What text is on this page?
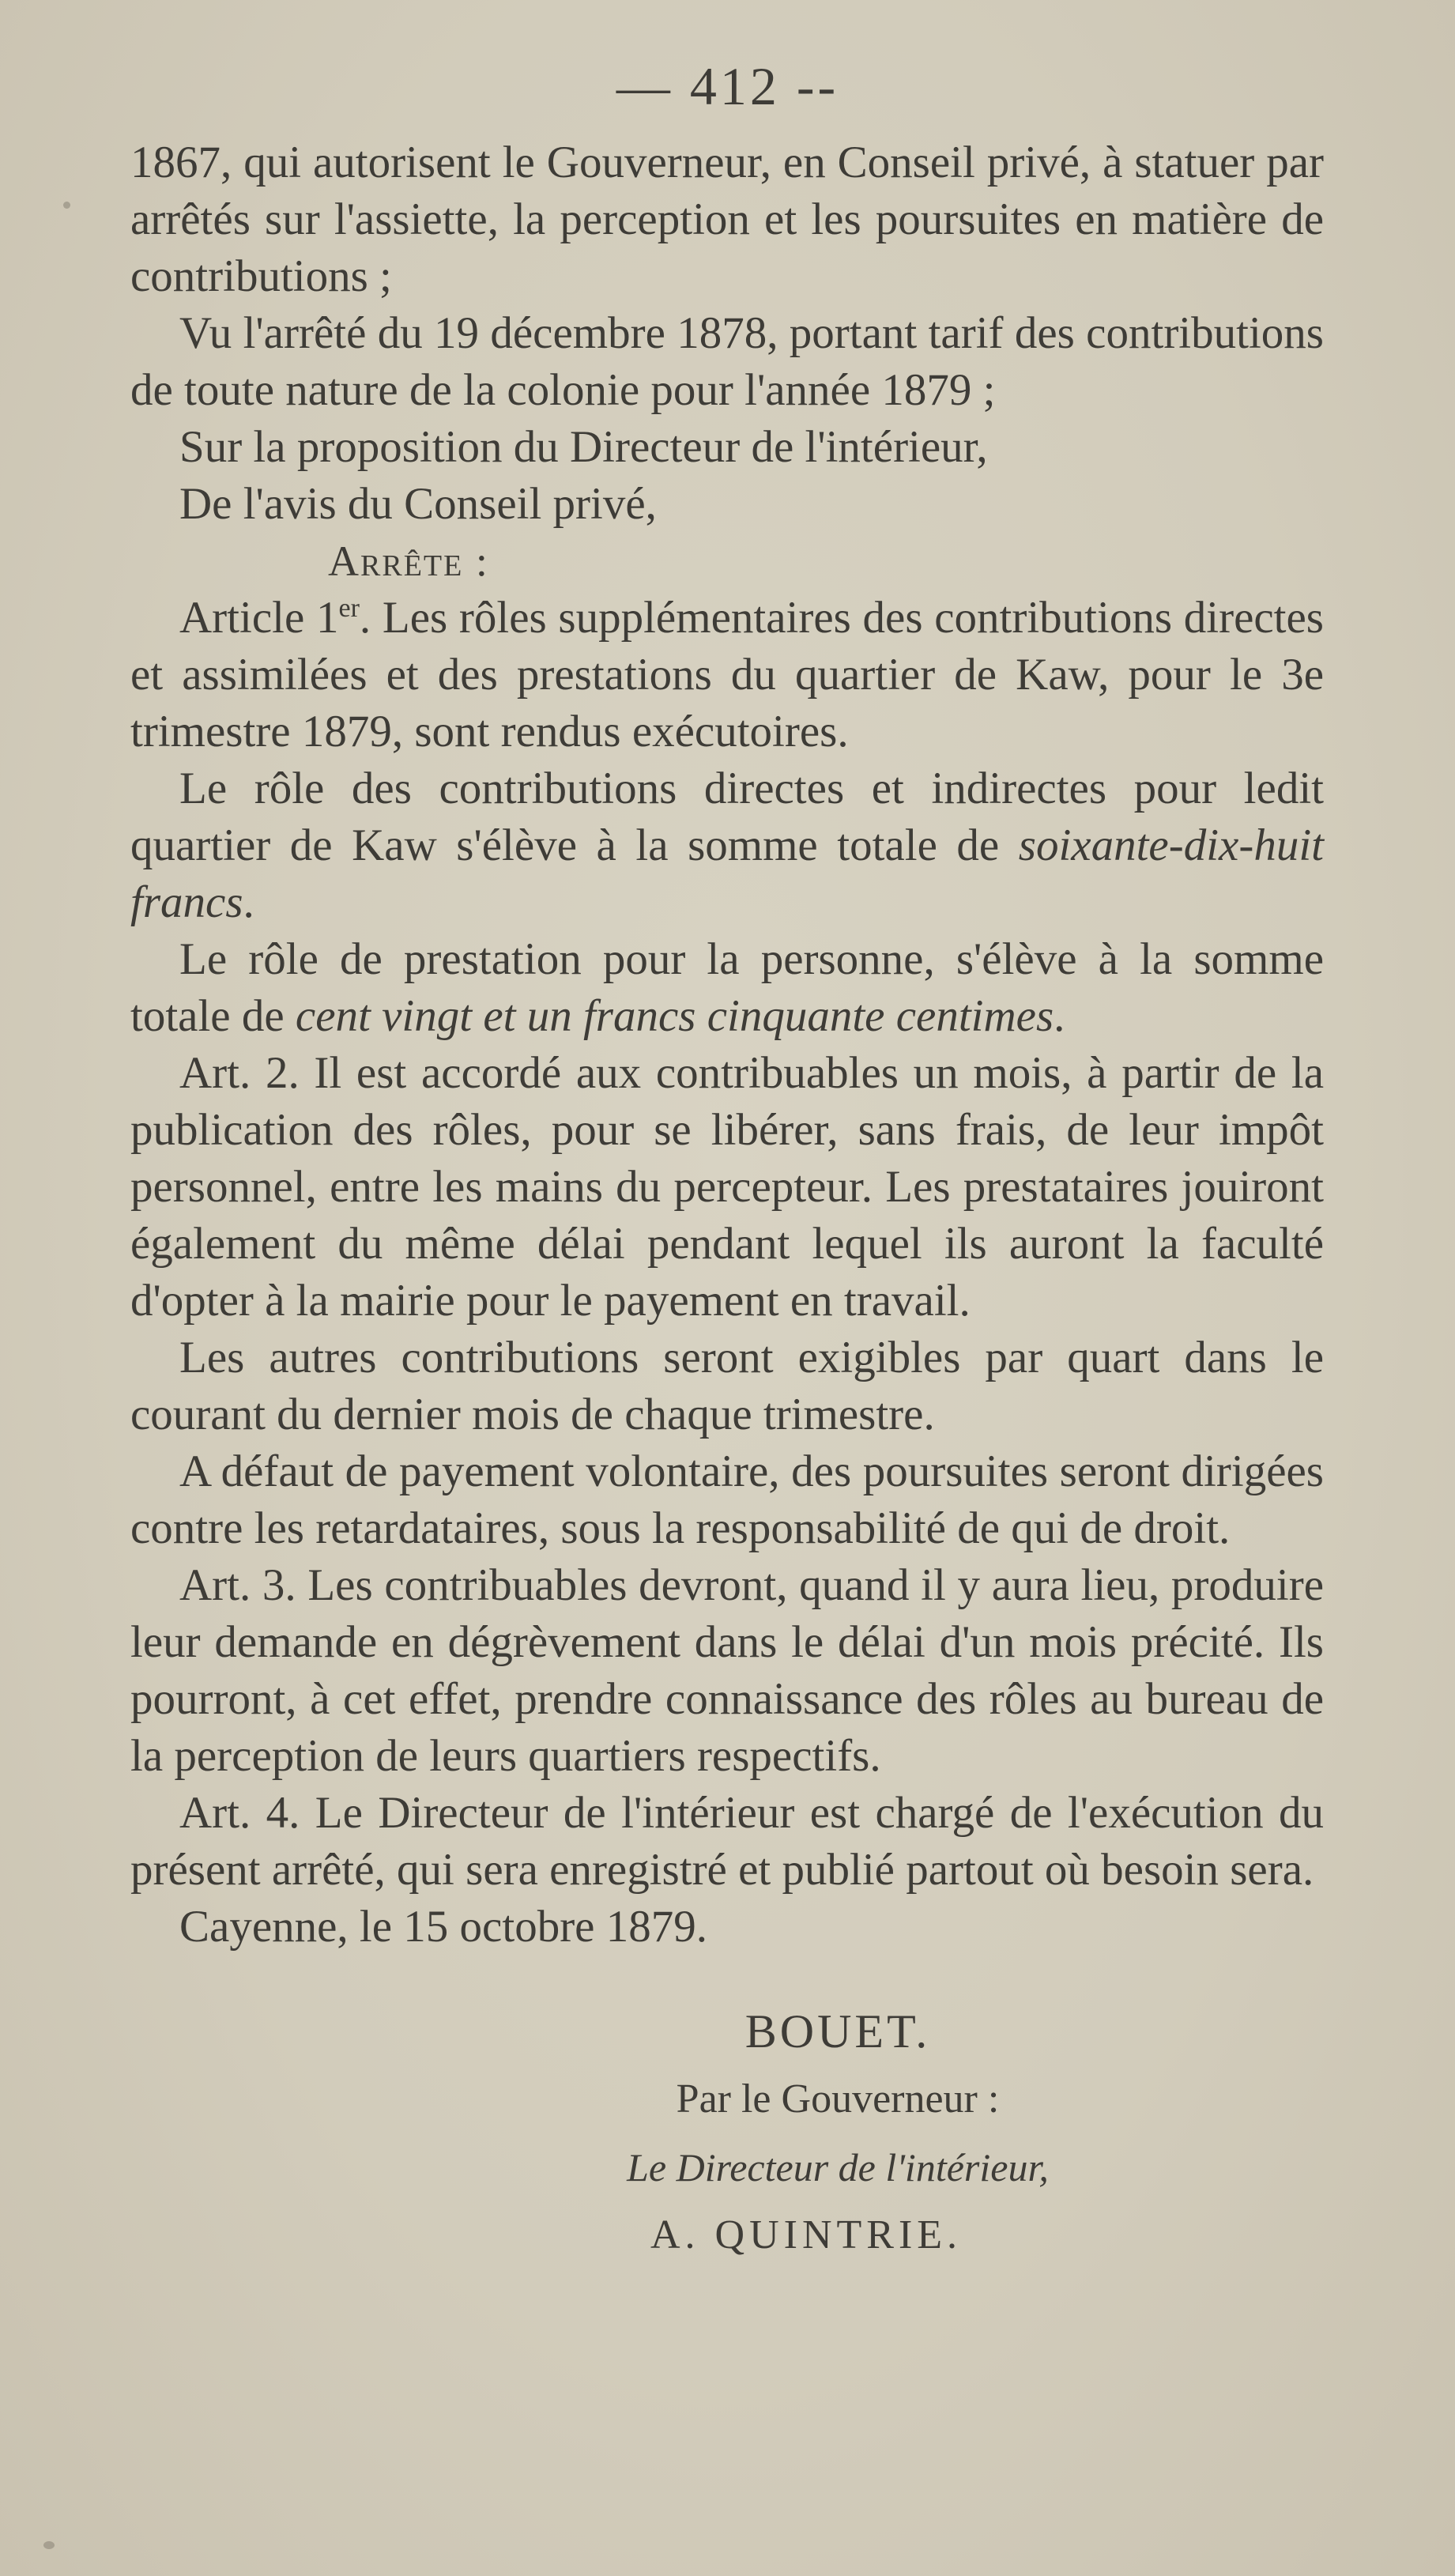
— 412 --

1867, qui autorisent le Gouverneur, en Conseil privé, à statuer par arrêtés sur l'assiette, la perception et les poursuites en matière de contributions ;

Vu l'arrêté du 19 décembre 1878, portant tarif des contributions de toute nature de la colonie pour l'année 1879 ;

Sur la proposition du Directeur de l'intérieur,

De l'avis du Conseil privé,

Arrête :

Article 1er. Les rôles supplémentaires des contributions directes et assimilées et des prestations du quartier de Kaw, pour le 3e trimestre 1879, sont rendus exécutoires.

Le rôle des contributions directes et indirectes pour ledit quartier de Kaw s'élève à la somme totale de soixante-dix-huit francs.

Le rôle de prestation pour la personne, s'élève à la somme totale de cent vingt et un francs cinquante centimes.

Art. 2. Il est accordé aux contribuables un mois, à partir de la publication des rôles, pour se libérer, sans frais, de leur impôt personnel, entre les mains du percepteur. Les prestataires jouiront également du même délai pendant lequel ils auront la faculté d'opter à la mairie pour le payement en travail.

Les autres contributions seront exigibles par quart dans le courant du dernier mois de chaque trimestre.

A défaut de payement volontaire, des poursuites seront dirigées contre les retardataires, sous la responsabilité de qui de droit.

Art. 3. Les contribuables devront, quand il y aura lieu, produire leur demande en dégrèvement dans le délai d'un mois précité. Ils pourront, à cet effet, prendre connaissance des rôles au bureau de la perception de leurs quartiers respectifs.

Art. 4. Le Directeur de l'intérieur est chargé de l'exécution du présent arrêté, qui sera enregistré et publié partout où besoin sera.

Cayenne, le 15 octobre 1879.

BOUET.

Par le Gouverneur :

Le Directeur de l'intérieur,

A. QUINTRIE.
